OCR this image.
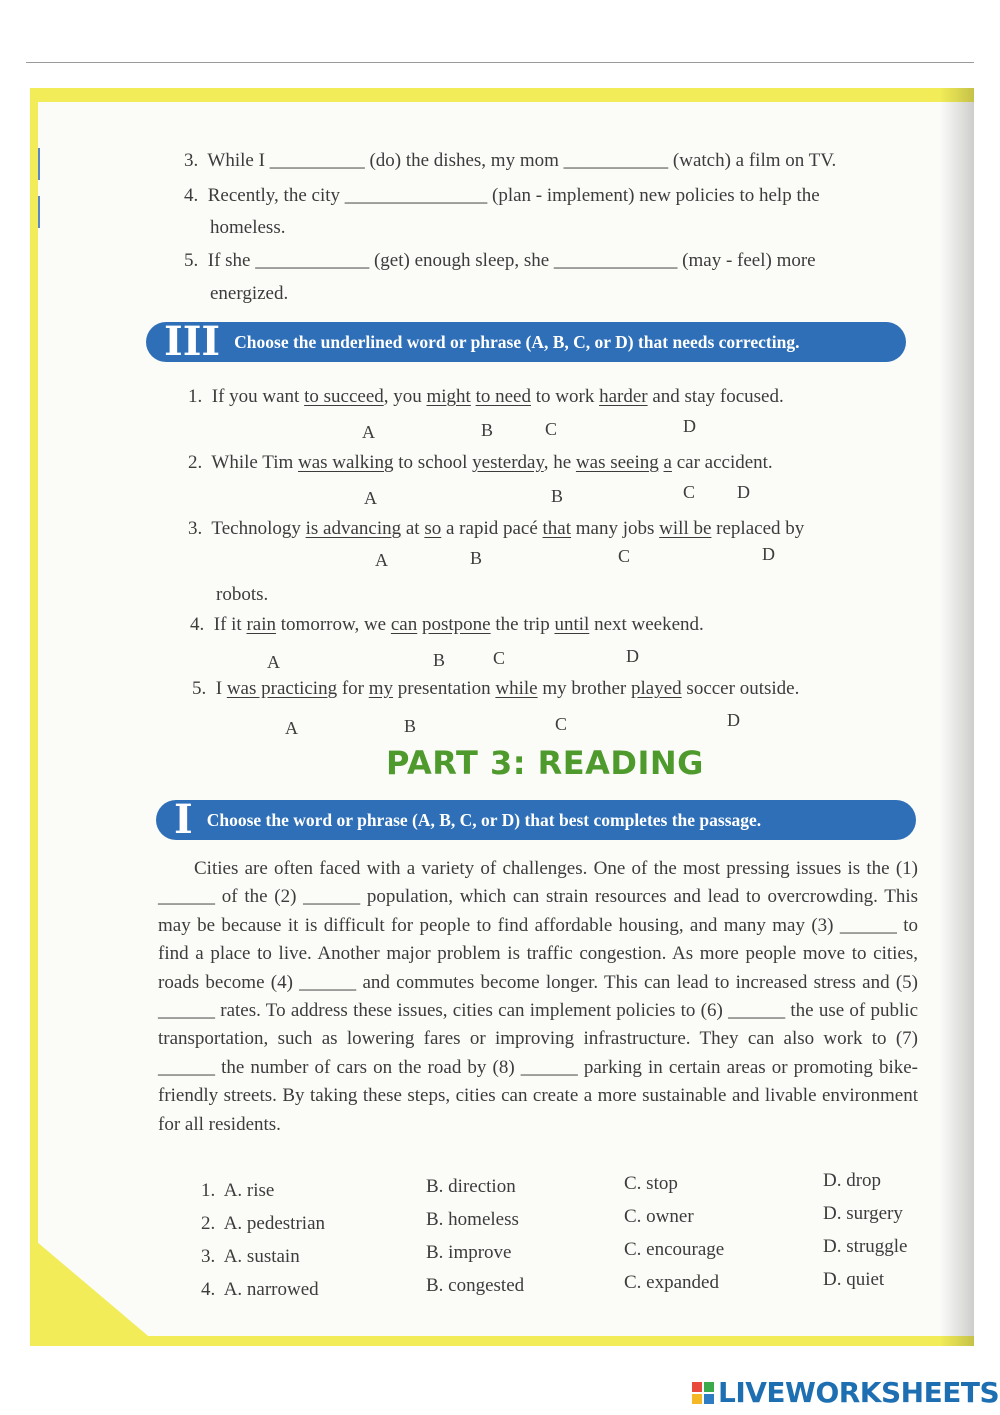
3. While I __________ (do) the dishes, my mom ___________ (watch) a film on TV.
4. Recently, the city _______________ (plan - implement) new policies to help the
homeless.
5. If she ____________ (get) enough sleep, she _____________ (may - feel) more
energized.
III Choose the underlined word or phrase (A, B, C, or D) that needs correcting.
1. If you want to succeed, you might to need to work harder and stay focused.
A	B	C	D
2. While Tim was walking to school yesterday, he was seeing a car accident.
A	B	C D
3. Technology is advancing at so a rapid pacé that many jobs will be replaced by
A	B	C	D
robots.
4. If it rain tomorrow, we can postpone the trip until next weekend.
A	B	C	D
5. I was practicing for my presentation while my brother played soccer outside.
A	B	C	D
PART 3: READING
I Choose the word or phrase (A, B, C, or D) that best completes the passage.
Cities are often faced with a variety of challenges. One of the most pressing issues is the (1) ______ of the (2) ______ population, which can strain resources and lead to overcrowding. This may be because it is difficult for people to find affordable housing, and many may (3) ______ to find a place to live. Another major problem is traffic congestion. As more people move to cities, roads become (4) ______ and commutes become longer. This can lead to increased stress and (5) ______ rates. To address these issues, cities can implement policies to (6) ______ the use of public transportation, such as lowering fares or improving infrastructure. They can also work to (7) ______ the number of cars on the road by (8) ______ parking in certain areas or promoting bike-friendly streets. By taking these steps, cities can create a more sustainable and livable environment for all residents.
1. A. rise	B. direction	C. stop	D. drop
2. A. pedestrian	B. homeless	C. owner	D. surgery
3. A. sustain	B. improve	C. encourage	D. struggle
4. A. narrowed	B. congested	C. expanded	D. quiet
LIVEWORKSHEETS
